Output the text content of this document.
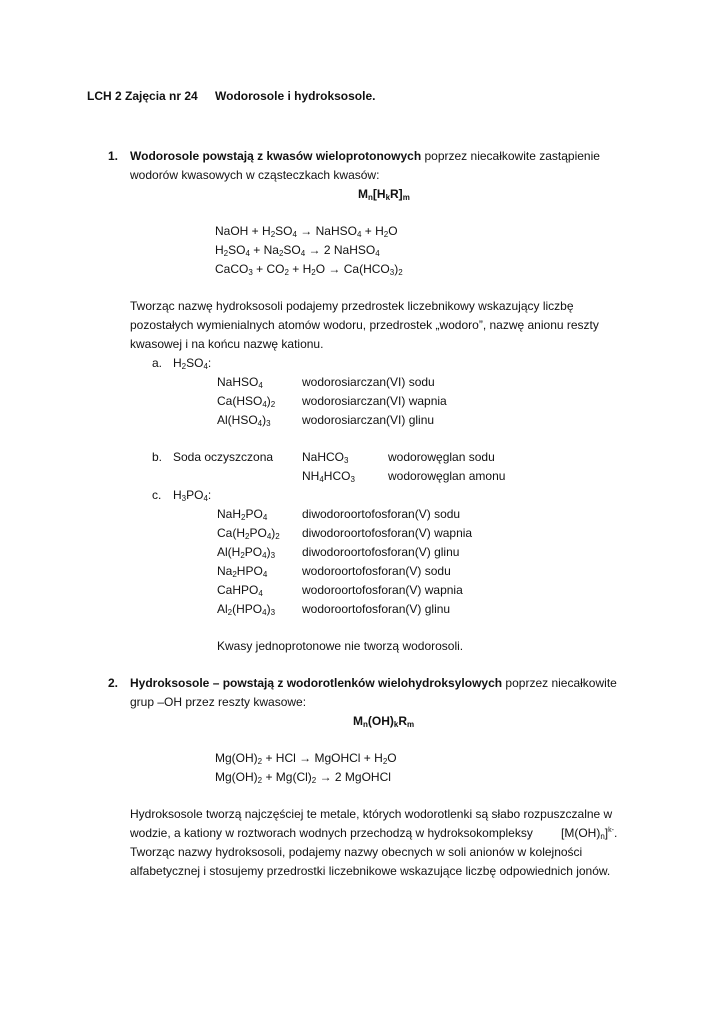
LCH 2 Zajęcia nr 24 Wodorosole i hydroksosole.
1. Wodorosole powstają z kwasów wieloprotonowych poprzez niecałkowite zastąpienie
wodorów kwasowych w cząsteczkach kwasów:
$M_n[H_kR]_m$
NaOH + $H_2SO_4$ → NaHSO$_4$ + $H_2O$
$H_2SO_4 + Na_2SO_4 \to 2$ NaHSO$_4$
CaCO$_3$ + $CO_2 + H_2O \to Ca(HCO_3)_2$
Tworząc nazwę hydroksosoli podajemy przedrostek liczebnikowy wskazujący liczbę
pozostałych wymienialnych atomów wodoru, przedrostek „wodoro”, nazwę anionu reszty
kwasowej i na końcu nazwę kationu.
a. $H_2SO_4$:
NaHSO$_4$	wodorosiarczan(VI) sodu
$Ca(HSO_4)_2$ wodorosiarczan(VI) wapnia
$Al(HSO_4)_3$	wodorosiarczan(VI) glinu
b. Soda oczyszczona NaHCO$_3$	wodorowęglan sodu
$NH_4HCO_3$	wodorowęglan amonu
c. $H_3PO_4$:
$NaH_2PO_4$	diwodoroortofosforan(V) sodu
$Ca(H_2PO_4)_2$ diwodoroortofosforan(V) wapnia
$Al(H_2PO_4)_3$ diwodoroortofosforan(V) glinu
$Na_2HPO_4$	wodoroortofosforan(V) sodu
CaHPO$_4$	wodoroortofosforan(V) wapnia
$Al_2(HPO_4)_3$ wodoroortofosforan(V) glinu
Kwasy jednoprotonowe nie tworzą wodorosoli.
2. Hydroksosole – powstają z wodorotlenków wielohydroksylowych poprzez niecałkowite
grup –OH przez reszty kwasowe:
$M_n(OH)_kR_m$
$Mg(OH)_2$ + HCl → MgOHCl + $H_2O$
$Mg(OH)_2 + Mg(Cl)_2 \to 2$ MgOHCl
Hydroksosole tworzą najczęściej te metale, których wodorotlenki są słabo rozpuszczalne w
wodzie, a kationy w roztworach wodnych przechodzą w hydroksokompleksy $[M(OH)_n]^{k-}$.
Tworząc nazwy hydroksosoli, podajemy nazwy obecnych w soli anionów w kolejności
alfabetycznej i stosujemy przedrostki liczebnikowe wskazujące liczbę odpowiednich jonów.
